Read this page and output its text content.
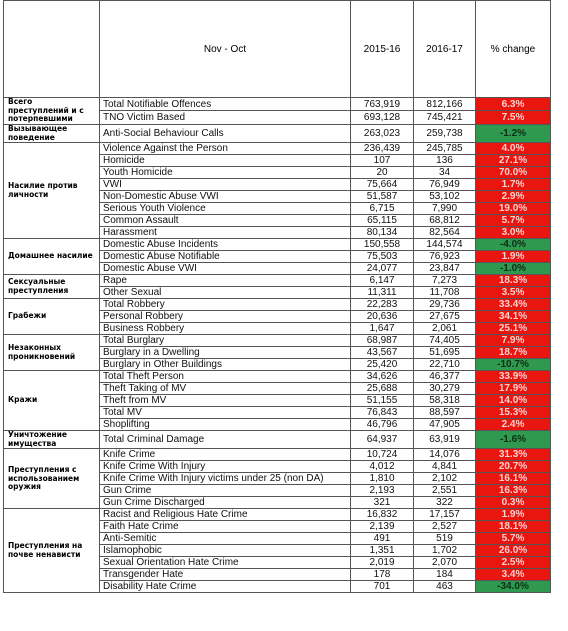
	Nov - Oct	2015-16	2016-17	% change
Всего преступлений и с потерпевшими	Total Notifiable Offences	763,919	812,166	6.3%
	TNO Victim Based	693,128	745,421	7.5%
Вызывающее поведение	Anti-Social Behaviour Calls	263,023	259,738	-1.2%
Насилие против личности	Violence Against the Person	236,439	245,785	4.0%
	Homicide	107	136	27.1%
	Youth Homicide	20	34	70.0%
	VWI	75,664	76,949	1.7%
	Non-Domestic Abuse VWI	51,587	53,102	2.9%
	Serious Youth Violence	6,715	7,990	19.0%
	Common Assault	65,115	68,812	5.7%
	Harassment	80,134	82,564	3.0%
Домашнее насилие	Domestic Abuse Incidents	150,558	144,574	-4.0%
	Domestic Abuse Notifiable	75,503	76,923	1.9%
	Domestic Abuse VWI	24,077	23,847	-1.0%
Сексуальные преступления	Rape	6,147	7,273	18.3%
	Other Sexual	11,311	11,708	3.5%
Грабежи	Total Robbery	22,283	29,736	33.4%
	Personal Robbery	20,636	27,675	34.1%
	Business Robbery	1,647	2,061	25.1%
Незаконных проникновений	Total Burglary	68,987	74,405	7.9%
	Burglary in a Dwelling	43,567	51,695	18.7%
	Burglary in Other Buildings	25,420	22,710	-10.7%
Кражи	Total Theft Person	34,626	46,377	33.9%
	Theft Taking of MV	25,688	30,279	17.9%
	Theft from MV	51,155	58,318	14.0%
	Total MV	76,843	88,597	15.3%
	Shoplifting	46,796	47,905	2.4%
Уничтожение имущества	Total Criminal Damage	64,937	63,919	-1.6%
Преступления с использованием оружия	Knife Crime	10,724	14,076	31.3%
	Knife Crime With Injury	4,012	4,841	20.7%
	Knife Crime With Injury victims under 25 (non DA)	1,810	2,102	16.1%
	Gun Crime	2,193	2,551	16.3%
	Gun Crime Discharged	321	322	0.3%
Преступления на почве ненависти	Racist and Religious Hate Crime	16,832	17,157	1.9%
	Faith Hate Crime	2,139	2,527	18.1%
	Anti-Semitic	491	519	5.7%
	Islamophobic	1,351	1,702	26.0%
	Sexual Orientation Hate Crime	2,019	2,070	2.5%
	Transgender Hate	178	184	3.4%
	Disability Hate Crime	701	463	-34.0%
